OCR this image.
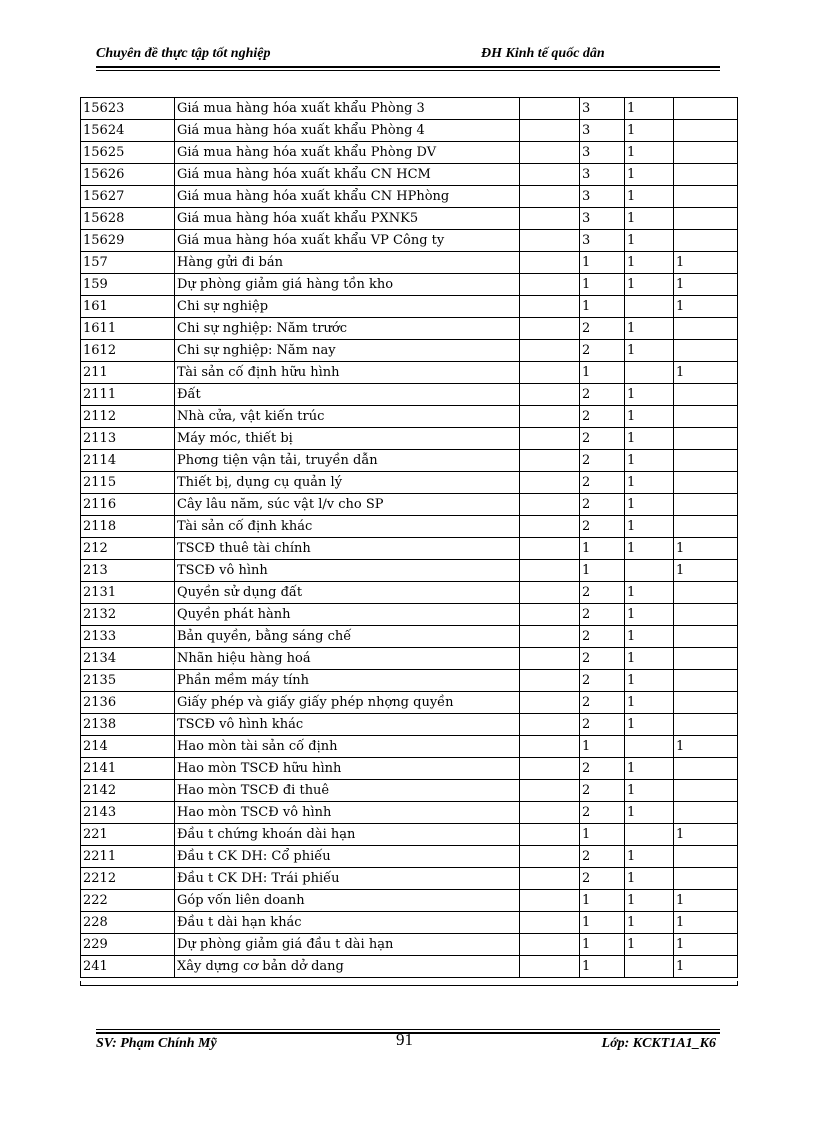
Chuyên đề thực tập tốt nghiệp	ĐH Kinh tế quốc dân
15623	Giá mua hàng hóa xuất khẩu Phòng 3		3	1	
15624	Giá mua hàng hóa xuất khẩu Phòng 4		3	1	
15625	Giá mua hàng hóa xuất khẩu Phòng DV		3	1	
15626	Giá mua hàng hóa xuất khẩu CN HCM		3	1	
15627	Giá mua hàng hóa xuất khẩu CN HPhòng		3	1	
15628	Giá mua hàng hóa xuất khẩu PXNK5		3	1	
15629	Giá mua hàng hóa xuất khẩu VP Công ty		3	1	
157	Hàng gửi đi bán		1	1	1
159	Dự phòng giảm giá hàng tồn kho		1	1	1
161	Chi sự nghiệp		1		1
1611	Chi sự nghiệp: Năm trước		2	1	
1612	Chi sự nghiệp: Năm nay		2	1	
211	Tài sản cố định hữu hình		1		1
2111	Đất		2	1	
2112	Nhà cửa, vật kiến trúc		2	1	
2113	Máy móc, thiết bị		2	1	
2114	Phơng tiện vận tải, truyền dẫn		2	1	
2115	Thiết bị, dụng cụ quản lý		2	1	
2116	Cây lâu năm, súc vật l/v cho SP		2	1	
2118	Tài sản cố định khác		2	1	
212	TSCĐ thuê tài chính		1	1	1
213	TSCĐ vô hình		1		1
2131	Quyền sử dụng đất		2	1	
2132	Quyền phát hành		2	1	
2133	Bản quyền, bằng sáng chế		2	1	
2134	Nhãn hiệu hàng hoá		2	1	
2135	Phần mềm máy tính		2	1	
2136	Giấy phép và giấy giấy phép nhợng quyền		2	1	
2138	TSCĐ vô hình khác		2	1	
214	Hao mòn tài sản cố định		1		1
2141	Hao mòn TSCĐ hữu hình		2	1	
2142	Hao mòn TSCĐ đi thuê		2	1	
2143	Hao mòn TSCĐ vô hình		2	1	
221	Đầu t chứng khoán dài hạn		1		1
2211	Đầu t CK DH: Cổ phiếu		2	1	
2212	Đầu t CK DH: Trái phiếu		2	1	
222	Góp vốn liên doanh		1	1	1
228	Đầu t dài hạn khác		1	1	1
229	Dự phòng giảm giá đầu t dài hạn		1	1	1
241	Xây dựng cơ bản dở dang		1		1
SV: Phạm Chính Mỹ	91	Lớp: KCKT1A1_K6
